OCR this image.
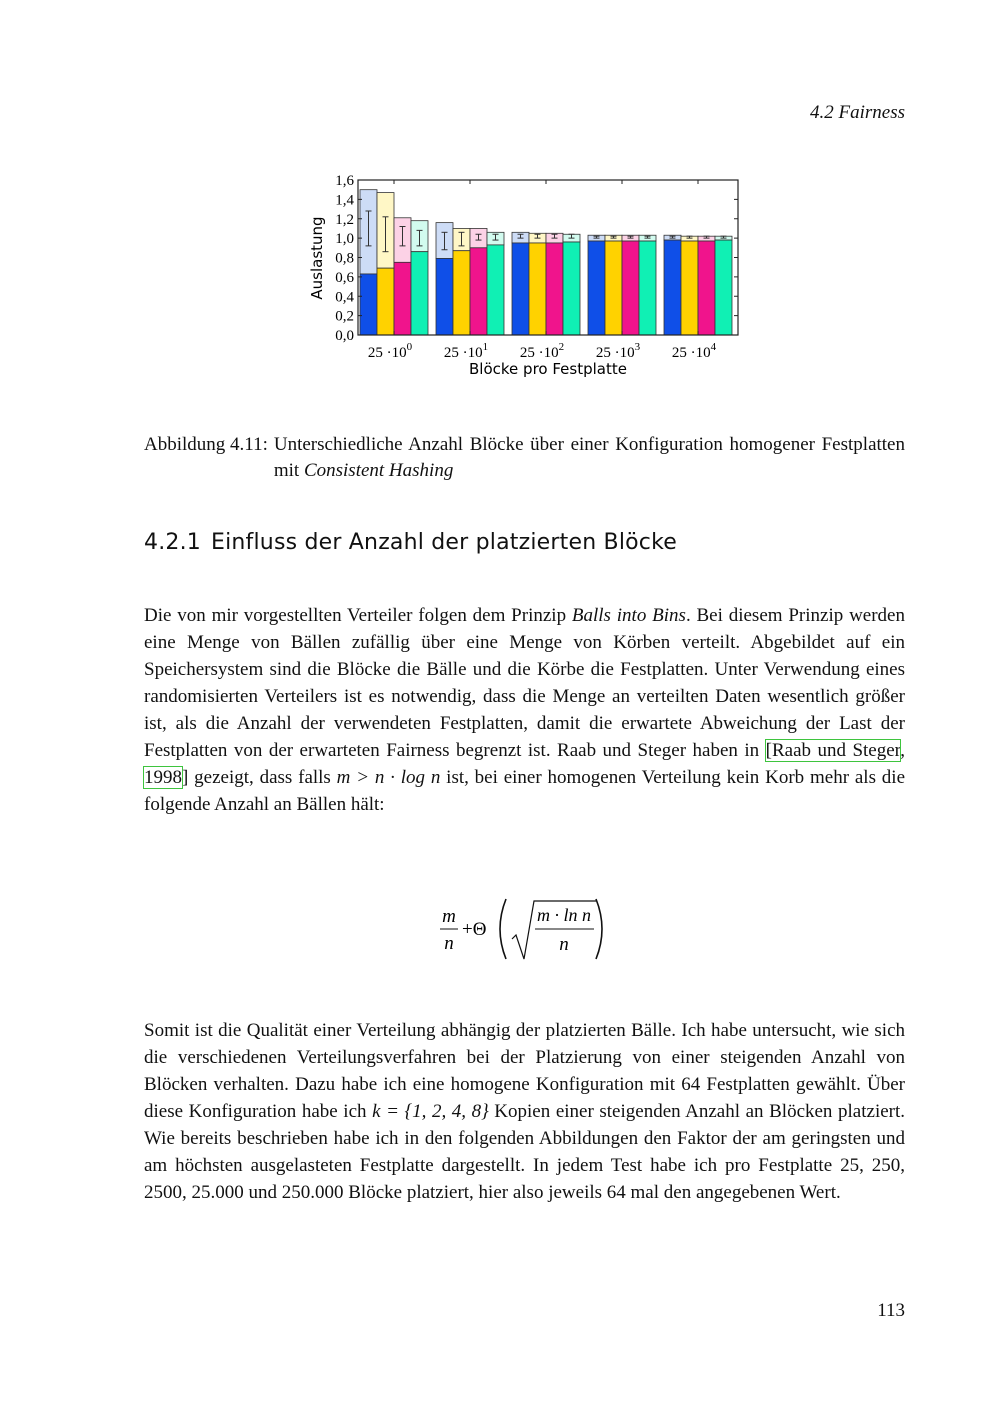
4.2 Fairness
0,0
0,2
0,4
0,6
0,8
1,0
1,2
1,4
1,6
$25 \cdot 10^0$ $25 \cdot 10^1$ $25 \cdot 10^2$ $25 \cdot 10^3$ $25 \cdot 10^4$
Blöcke pro Festplatte
Auslastung
Abbildung 4.11: Unterschiedliche Anzahl Blöcke über einer Konfiguration homogener Festplatten mit Consistent Hashing
4.2.1 Einfluss der Anzahl der platzierten Blöcke

Die von mir vorgestellten Verteiler folgen dem Prinzip Balls into Bins. Bei diesem Prinzip werden eine Menge von Bällen zufällig über eine Menge von Körben verteilt. Abgebildet auf ein Speichersystem sind die Blöcke die Bälle und die Körbe die Festplatten. Unter Verwendung eines randomisierten Verteilers ist es notwendig, dass die Menge an verteilten Daten wesentlich größer ist, als die Anzahl der verwendeten Festplatten, damit die erwartete Abweichung der Last der Festplatten von der erwarteten Fairness begrenzt ist. Raab und Steger haben in [Raab und Steger, 1998] gezeigt, dass falls m > n · log n ist, bei einer homogenen Verteilung kein Korb mehr als die folgende Anzahl an Bällen hält:

m
n
+Θ
m · ln n
n

Somit ist die Qualität einer Verteilung abhängig der platzierten Bälle. Ich habe untersucht, wie sich die verschiedenen Verteilungsverfahren bei der Platzierung von einer steigenden Anzahl von Blöcken verhalten. Dazu habe ich eine homogene Konfiguration mit 64 Festplatten gewählt. Über diese Konfiguration habe ich k = {1, 2, 4, 8} Kopien einer steigenden Anzahl an Blöcken platziert. Wie bereits beschrieben habe ich in den folgenden Abbildungen den Faktor der am geringsten und am höchsten ausgelasteten Festplatte dargestellt. In jedem Test habe ich pro Festplatte 25, 250, 2500, 25.000 und 250.000 Blöcke platziert, hier also jeweils 64 mal den angegebenen Wert.

113
